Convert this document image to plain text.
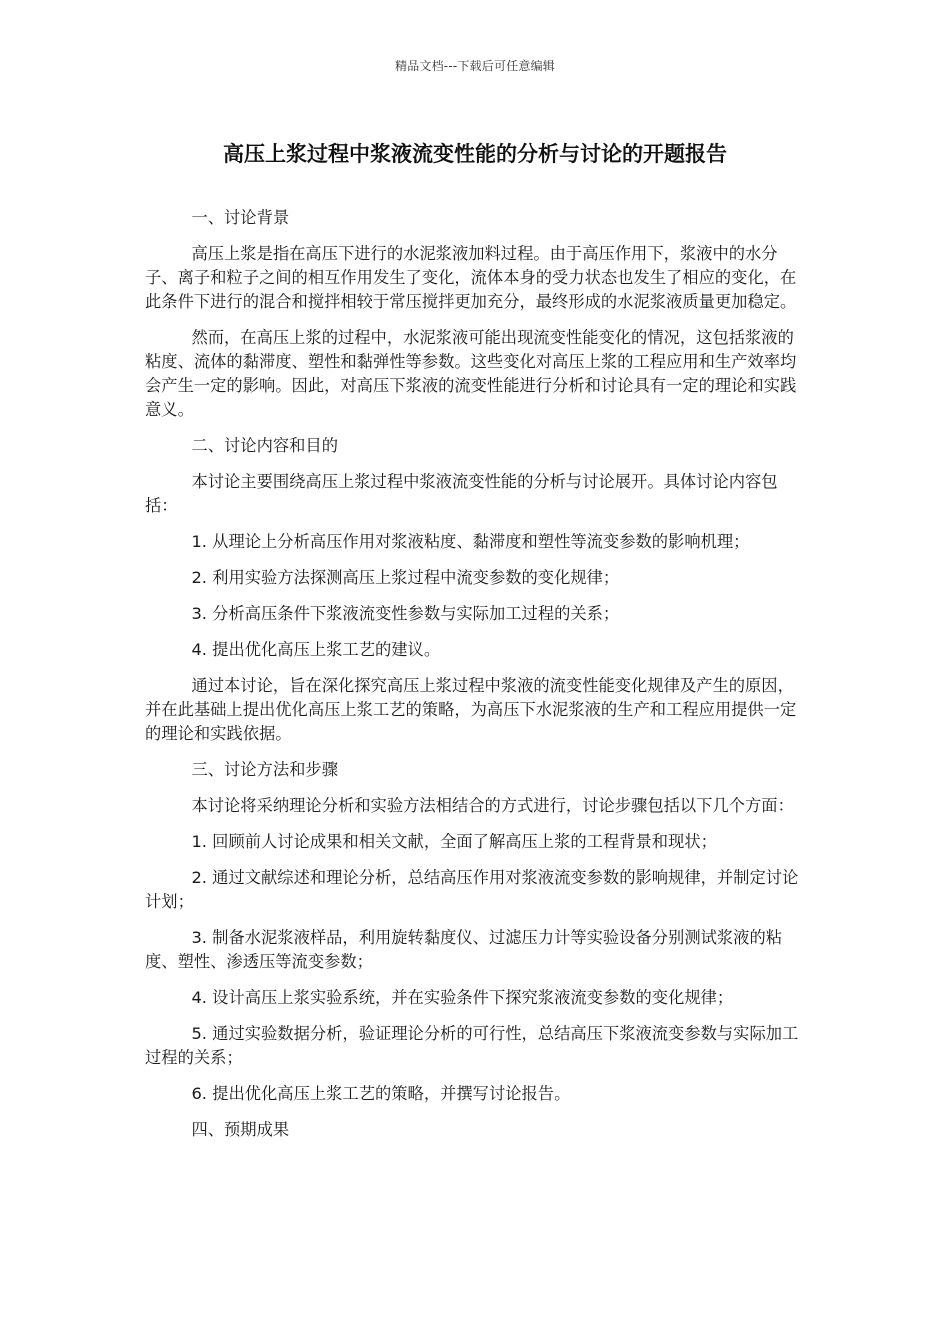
精品文档---下载后可任意编辑
高压上浆过程中浆液流变性能的分析与讨论的开题报告

一、讨论背景

高压上浆是指在高压下进行的水泥浆液加料过程。由于高压作用下，浆液中的水分子、离子和粒子之间的相互作用发生了变化，流体本身的受力状态也发生了相应的变化，在此条件下进行的混合和搅拌相较于常压搅拌更加充分，最终形成的水泥浆液质量更加稳定。

然而，在高压上浆的过程中，水泥浆液可能出现流变性能变化的情况，这包括浆液的粘度、流体的黏滞度、塑性和黏弹性等参数。这些变化对高压上浆的工程应用和生产效率均会产生一定的影响。因此，对高压下浆液的流变性能进行分析和讨论具有一定的理论和实践意义。

二、讨论内容和目的

本讨论主要围绕高压上浆过程中浆液流变性能的分析与讨论展开。具体讨论内容包括：

1. 从理论上分析高压作用对浆液粘度、黏滞度和塑性等流变参数的影响机理；

2. 利用实验方法探测高压上浆过程中流变参数的变化规律；

3. 分析高压条件下浆液流变性参数与实际加工过程的关系；

4. 提出优化高压上浆工艺的建议。

通过本讨论，旨在深化探究高压上浆过程中浆液的流变性能变化规律及产生的原因，并在此基础上提出优化高压上浆工艺的策略，为高压下水泥浆液的生产和工程应用提供一定的理论和实践依据。

三、讨论方法和步骤

本讨论将采纳理论分析和实验方法相结合的方式进行，讨论步骤包括以下几个方面：

1. 回顾前人讨论成果和相关文献，全面了解高压上浆的工程背景和现状；

2. 通过文献综述和理论分析，总结高压作用对浆液流变参数的影响规律，并制定讨论计划；

3. 制备水泥浆液样品，利用旋转黏度仪、过滤压力计等实验设备分别测试浆液的粘度、塑性、渗透压等流变参数；

4. 设计高压上浆实验系统，并在实验条件下探究浆液流变参数的变化规律；

5. 通过实验数据分析，验证理论分析的可行性，总结高压下浆液流变参数与实际加工过程的关系；

6. 提出优化高压上浆工艺的策略，并撰写讨论报告。

四、预期成果
